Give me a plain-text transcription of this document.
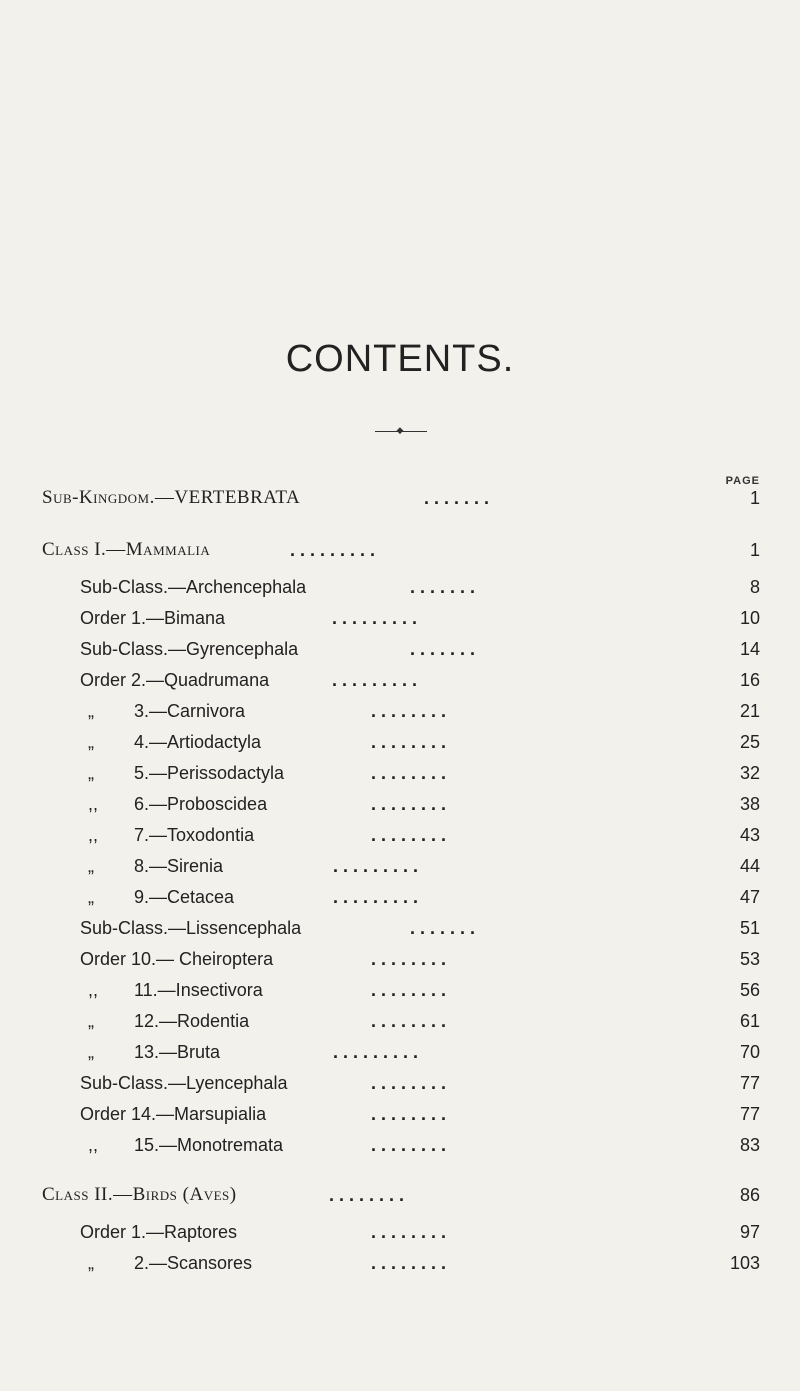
CONTENTS.
◆
PAGE
Sub-Kingdom.—VERTEBRATA	. . . . . . .	1
Class I.—Mammalia	. . . . . . . . .	1
Sub-Class.—Archencephala	. . . . . . .	8
Order 1.—Bimana	. . . . . . . . .	10
Sub-Class.—Gyrencephala	. . . . . . .	14
Order 2.—Quadrumana	. . . . . . . . .	16
„ 3.—Carnivora	. . . . . . . .	21
„ 4.—Artiodactyla	. . . . . . . .	25
„ 5.—Perissodactyla	. . . . . . . .	32
,, 6.—Proboscidea	. . . . . . . .	38
,, 7.—Toxodontia	. . . . . . . .	43
„ 8.—Sirenia	. . . . . . . . .	44
„ 9.—Cetacea	. . . . . . . . .	47
Sub-Class.—Lissencephala	. . . . . . .	51
Order 10.— Cheiroptera	. . . . . . . .	53
,, 11.—Insectivora	. . . . . . . .	56
„ 12.—Rodentia	. . . . . . . .	61
„ 13.—Bruta	. . . . . . . . .	70
Sub-Class.—Lyencephala	. . . . . . . .	77
Order 14.—Marsupialia	. . . . . . . .	77
,, 15.—Monotremata	. . . . . . . .	83
Class II.—Birds (Aves)	. . . . . . . .	86
Order 1.—Raptores	. . . . . . . .	97
„ 2.—Scansores	. . . . . . . .	103
